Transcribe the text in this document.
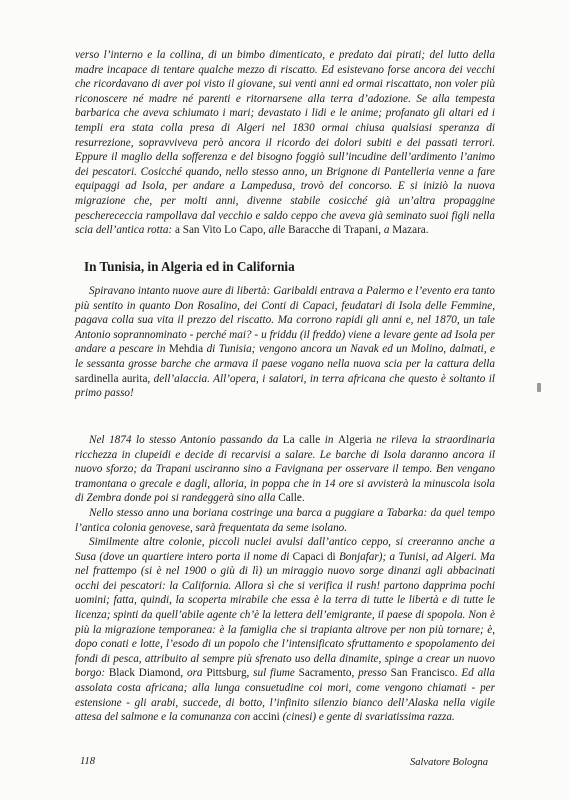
verso l’interno e la collina, di un bimbo dimenticato, e predato dai pirati; del lutto della madre incapace di tentare qualche mezzo di riscatto. Ed esistevano forse ancora dei vecchi che ricordavano di aver poi visto il giovane, sui venti anni ed ormai riscattato, non voler più riconoscere né madre né parenti e ritornarsene alla terra d’adozione. Se alla tempesta barbarica che aveva schiumato i mari; devastato i lidi e le anime; profanato gli altari ed i templi era stata colla presa di Algeri nel 1830 ormai chiusa qualsiasi speranza di resurrezione, sopravviveva però ancora il ricordo dei dolori subiti e dei passati terrori. Eppure il maglio della sofferenza e del bisogno foggiò sull’incudine dell’ardimento l’animo dei pescatori. Cosicché quando, nello stesso anno, un Brignone di Pantelleria venne a fare equipaggi ad Isola, per andare a Lampedusa, trovò del concorso. E si iniziò la nuova migrazione che, per molti anni, divenne stabile cosicché già un’altra propaggine pescherececcia rampollava dal vecchio e saldo ceppo che aveva già seminato suoi figli nella scia dell’antica rotta: a San Vito Lo Capo, alle Baracche di Trapani, a Mazara.

In Tunisia, in Algeria ed in California

Spiravano intanto nuove aure di libertà: Garibaldi entrava a Palermo e l’evento era tanto più sentito in quanto Don Rosalino, dei Conti di Capaci, feudatari di Isola delle Femmine, pagava colla sua vita il prezzo del riscatto. Ma corrono rapidi gli anni e, nel 1870, un tale Antonio soprannominato - perché mai? - u friddu (il freddo) viene a levare gente ad Isola per andare a pescare in Mehdia di Tunisia; vengono ancora un Navak ed un Molino, dalmati, e le sessanta grosse barche che armava il paese vogano nella nuova scia per la cattura della sardinella aurita, dell’alaccia. All’opera, i salatori, in terra africana che questo è soltanto il primo passo!

Nel 1874 lo stesso Antonio passando da La calle in Algeria ne rileva la straordinaria ricchezza in clupeidi e decide di recarvisi a salare. Le barche di Isola daranno ancora il nuovo sforzo; da Trapani usciranno sino a Favignana per osservare il tempo. Ben vengano tramontana o grecale e dagli, alloria, in poppa che in 14 ore si avvisterà la minuscola isola di Zembra donde poi si randeggerà sino alla Calle.

Nello stesso anno una boriana costringe una barca a puggiare a Tabarka: da quel tempo l’antica colonia genovese, sarà frequentata da seme isolano.

Similmente altre colonie, piccoli nuclei avulsi dall’antico ceppo, si creeranno anche a Susa (dove un quartiere intero porta il nome di Capaci di Bonjafar); a Tunisi, ad Algeri. Ma nel frattempo (si è nel 1900 o giù di lì) un miraggio nuovo sorge dinanzi agli abbacinati occhi dei pescatori: la California. Allora sì che si verifica il rush! partono dapprima pochi uomini; fatta, quindi, la scoperta mirabile che essa è la terra di tutte le libertà e di tutte le licenza; spinti da quell’abile agente ch’è la lettera dell’emigrante, il paese di spopola. Non è più la migrazione temporanea: è la famiglia che si trapianta altrove per non più tornare; è, dopo conati e lotte, l’esodo di un popolo che l’intensificato sfruttamento e spopolamento dei fondi di pesca, attribuito al sempre più sfrenato uso della dinamite, spinge a crear un nuovo borgo: Black Diamond, ora Pittsburg, sul fiume Sacramento, presso San Francisco. Ed alla assolata costa africana; alla lunga consuetudine coi mori, come vengono chiamati - per estensione - gli arabi, succede, di botto, l’infinito silenzio bianco dell’Alaska nella vigile attesa del salmone e la comunanza con accini (cinesi) e gente di svariatissima razza.

118	Salvatore Bologna
